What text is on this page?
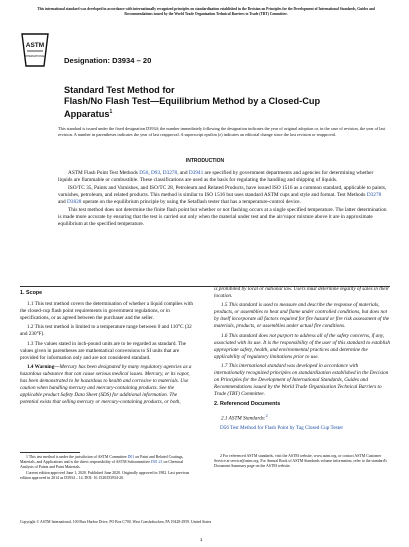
This international standard was developed in accordance with internationally recognized principles on standardization established in the Decision on Principles for the Development of International Standards, Guides and Recommendations issued by the World Trade Organization Technical Barriers to Trade (TBT) Committee.
ASTM
INTERNATIONAL	Designation: D3934 – 20
Standard Test Method for
Flash/No Flash Test—Equilibrium Method by a Closed-Cup
Apparatus$^1$
This standard is issued under the fixed designation D3934; the number immediately following the designation indicates the year of original adoption or, in the case of revision, the year of last revision. A number in parentheses indicates the year of last reapproval. A superscript epsilon (ε) indicates an editorial change since the last revision or reapproval.
INTRODUCTION

ASTM Flash Point Test Methods D56, D93, D3278, and D3941 are specified by government departments and agencies for determining whether liquids are flammable or combustible. These classifications are used as the basis for regulating the handling and shipping of liquids.

ISO/TC 35, Paints and Varnishes, and ISO/TC 28, Petroleum and Related Products, have issued ISO 1516 as a common standard, applicable to paints, varnishes, petroleum, and related products. This method is similar to ISO 1516 but uses standard ASTM cups and style and format. Test Methods D3278 and D3828 operate on the equilibrium principle by using the Setaflash tester that has a temperature-control device.

This test method does not determine the finite flash point but whether or not flashing occurs at a single specified temperature. The latter determination is made more accurate by ensuring that the test is carried out only when the material under test and the air/vapor mixture above it are in approximate equilibrium at the specified temperature.

1. Scope

1.1 This test method covers the determination of whether a liquid complies with the closed-cup flash point requirements in government regulations, or in specifications, or as agreed between the purchaser and the seller.

1.2 This test method is limited to a temperature range between 0 and 110°C (32 and 230°F).

1.3 The values stated in inch-pound units are to be regarded as standard. The values given in parentheses are mathematical conversions to SI units that are provided for information only and are not considered standard.

1.4 Warning—Mercury has been designated by many regulatory agencies as a hazardous substance that can cause serious medical issues. Mercury, or its vapor, has been demonstrated to be hazardous to health and corrosive to materials. Use caution when handling mercury and mercury-containing products. See the applicable product Safety Data Sheet (SDS) for additional information. The potential exists that selling mercury or mercury-containing products, or both,

is prohibited by local or national law. Users must determine legality of sales in their location.

1.5 This standard is used to measure and describe the response of materials, products, or assemblies to heat and flame under controlled conditions, but does not by itself incorporate all factors required for fire hazard or fire risk assessment of the materials, products, or assemblies under actual fire conditions.

1.6 This standard does not purport to address all of the safety concerns, if any, associated with its use. It is the responsibility of the user of this standard to establish appropriate safety, health, and environmental practices and determine the applicability of regulatory limitations prior to use.

1.7 This international standard was developed in accordance with internationally recognized principles on standardization established in the Decision on Principles for the Development of International Standards, Guides and Recommendations issued by the World Trade Organization Technical Barriers to Trade (TBT) Committee.

2. Referenced Documents

2.1 ASTM Standards:$^2$

D56 Test Method for Flash Point by Tag Closed Cup Tester

1 This test method is under the jurisdiction of ASTM Committee D01 on Paint and Related Coatings, Materials, and Applications and is the direct responsibility of ASTM Subcommittee D01.21 on Chemical Analysis of Paints and Paint Materials.

Current edition approved June 1, 2020. Published June 2020. Originally approved in 1982. Last previous edition approved in 2014 as D3934 – 14. DOI: 10.1520/D3934-20.

2 For referenced ASTM standards, visit the ASTM website, www.astm.org, or contact ASTM Customer Service at service@astm.org. For Annual Book of ASTM Standards volume information, refer to the standard's Document Summary page on the ASTM website.

Copyright © ASTM International, 100 Barr Harbor Drive, PO Box C700, West Conshohocken, PA 19428-2959. United States
1
